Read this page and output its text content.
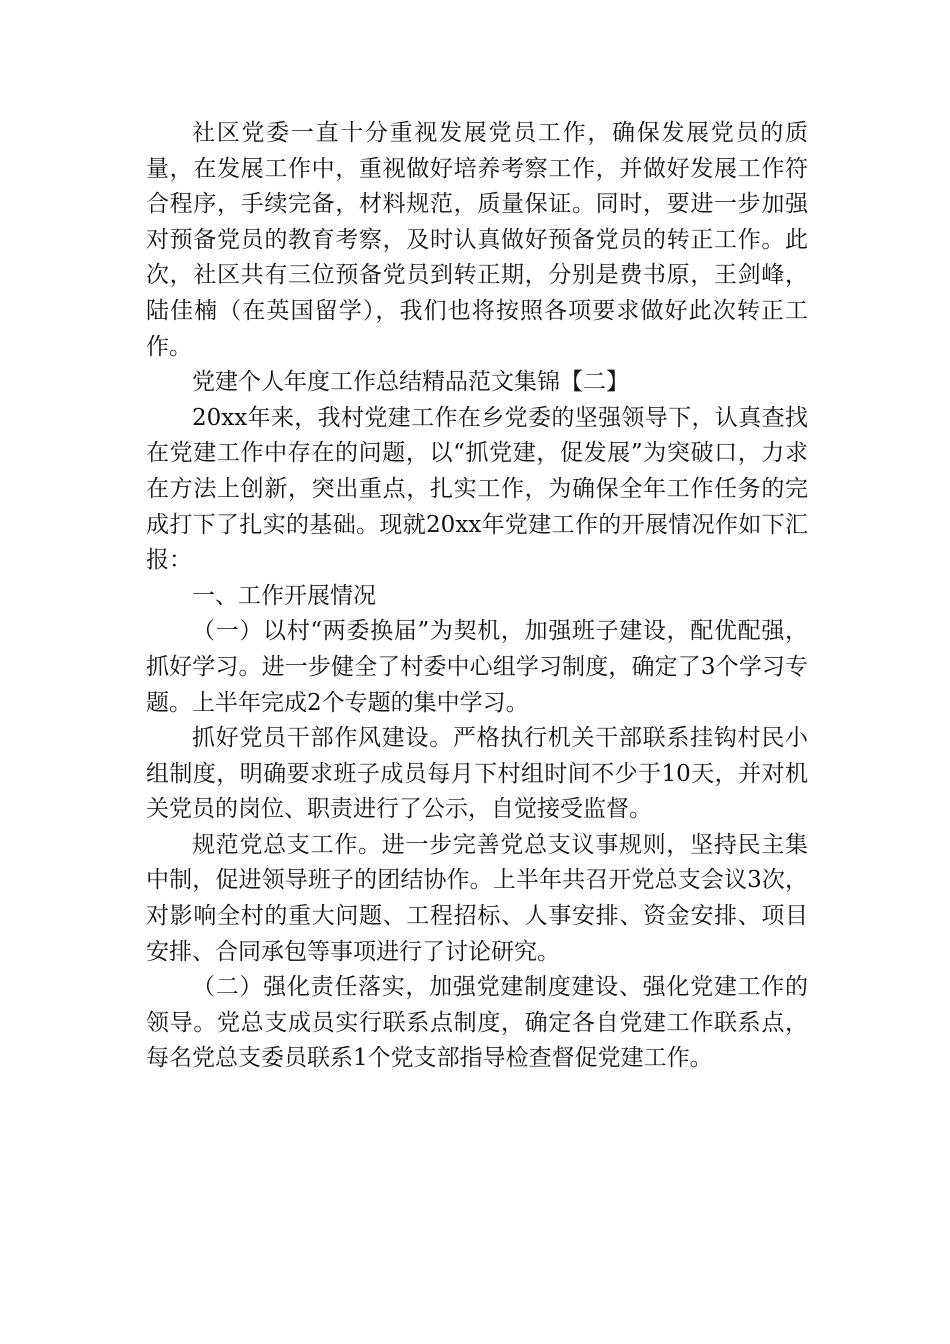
社区党委一直十分重视发展党员工作，确保发展党员的质量，在发展工作中，重视做好培养考察工作，并做好发展工作符合程序，手续完备，材料规范，质量保证。同时，要进一步加强对预备党员的教育考察，及时认真做好预备党员的转正工作。此次，社区共有三位预备党员到转正期，分别是费书原，王剑峰，陆佳楠（在英国留学），我们也将按照各项要求做好此次转正工作。

党建个人年度工作总结精品范文集锦【二】

20xx年来，我村党建工作在乡党委的坚强领导下，认真查找在党建工作中存在的问题，以“抓党建，促发展”为突破口，力求在方法上创新，突出重点，扎实工作，为确保全年工作任务的完成打下了扎实的基础。现就20xx年党建工作的开展情况作如下汇报：

一、工作开展情况

（一）以村“两委换届”为契机，加强班子建设，配优配强，抓好学习。进一步健全了村委中心组学习制度，确定了3个学习专题。上半年完成2个专题的集中学习。

抓好党员干部作风建设。严格执行机关干部联系挂钩村民小组制度，明确要求班子成员每月下村组时间不少于10天，并对机关党员的岗位、职责进行了公示，自觉接受监督。

规范党总支工作。进一步完善党总支议事规则，坚持民主集中制，促进领导班子的团结协作。上半年共召开党总支会议3次，对影响全村的重大问题、工程招标、人事安排、资金安排、项目安排、合同承包等事项进行了讨论研究。

（二）强化责任落实，加强党建制度建设、强化党建工作的领导。党总支成员实行联系点制度，确定各自党建工作联系点，每名党总支委员联系1个党支部指导检查督促党建工作。
